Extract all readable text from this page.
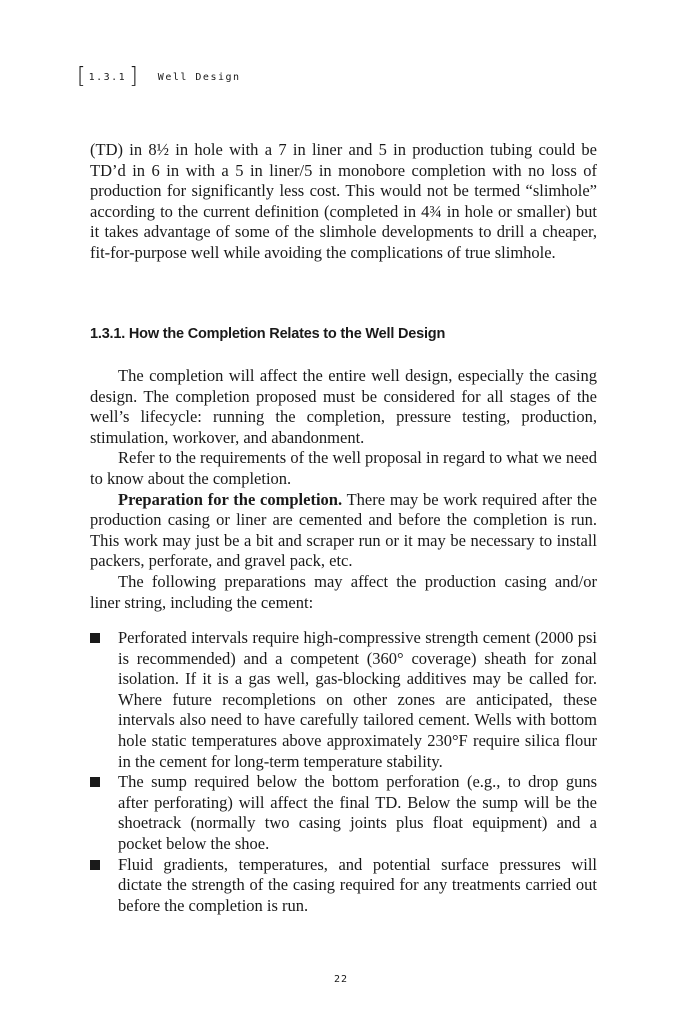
[ 1.3.1 ] Well Design

(TD) in 8½ in hole with a 7 in liner and 5 in production tubing could be TD’d in 6 in with a 5 in liner/5 in monobore completion with no loss of production for significantly less cost. This would not be termed “slimhole” according to the current definition (completed in 4¾ in hole or smaller) but it takes advantage of some of the slimhole developments to drill a cheaper, fit-for-purpose well while avoiding the complications of true slimhole.

1.3.1. How the Completion Relates to the Well Design

The completion will affect the entire well design, especially the casing design. The completion proposed must be considered for all stages of the well’s lifecycle: running the completion, pressure testing, production, stimulation, workover, and abandonment.

Refer to the requirements of the well proposal in regard to what we need to know about the completion.

Preparation for the completion. There may be work required after the production casing or liner are cemented and before the completion is run. This work may just be a bit and scraper run or it may be necessary to install packers, perforate, and gravel pack, etc.

The following preparations may affect the production casing and/or liner string, including the cement:

Perforated intervals require high-compressive strength cement (2000 psi is recommended) and a competent (360° coverage) sheath for zonal isolation. If it is a gas well, gas-blocking additives may be called for. Where future recompletions on other zones are anticipated, these intervals also need to have carefully tailored cement. Wells with bottom hole static temperatures above approximately 230°F require silica flour in the cement for long-term temperature stability.
The sump required below the bottom perforation (e.g., to drop guns after perforating) will affect the final TD. Below the sump will be the shoetrack (normally two casing joints plus float equipment) and a pocket below the shoe.
Fluid gradients, temperatures, and potential surface pressures will dictate the strength of the casing required for any treatments carried out before the completion is run.
22
